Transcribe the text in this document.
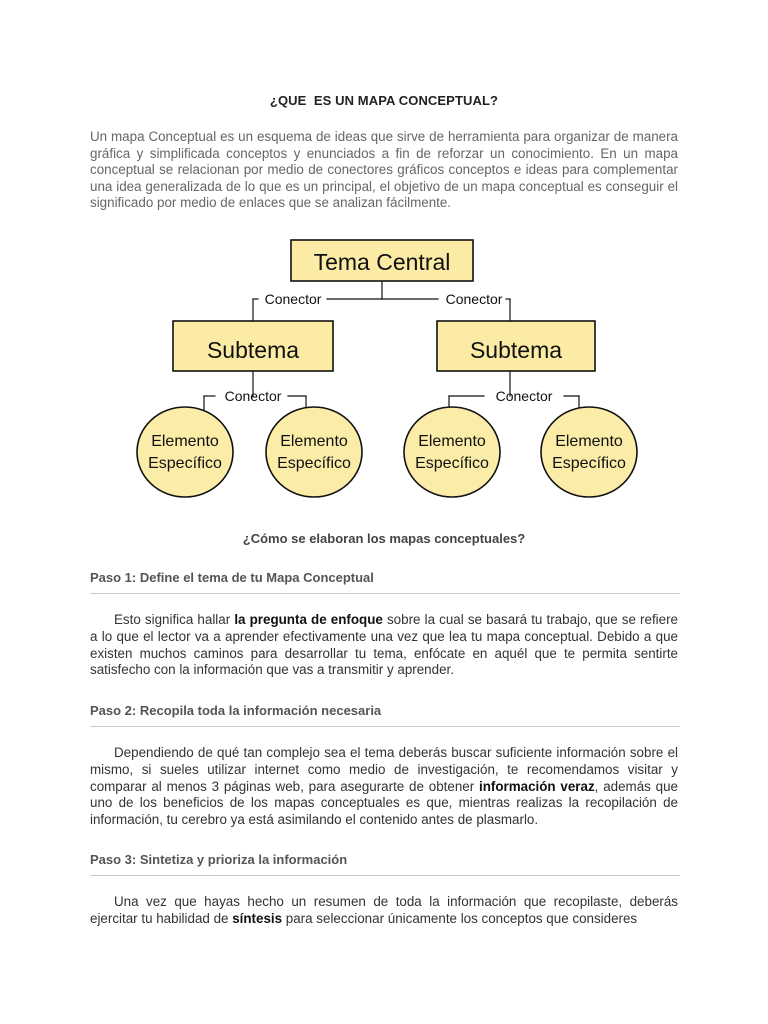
¿QUE  ES UN MAPA CONCEPTUAL?

Un mapa Conceptual es un esquema de ideas que sirve de herramienta para organizar de manera gráfica y simplificada conceptos y enunciados a fin de reforzar un conocimiento. En un mapa conceptual se relacionan por medio de conectores gráficos conceptos e ideas para complementar una idea generalizada de lo que es un principal, el objetivo de un mapa conceptual es conseguir el significado por medio de enlaces que se analizan fácilmente.

Tema Central
Conector	Conector
Subtema	Subtema
Conector	Conector
Elemento
Específico
Elemento
Específico
Elemento
Específico
Elemento
Específico
¿Cómo se elaboran los mapas conceptuales?
Paso 1: Define el tema de tu Mapa Conceptual

Esto significa hallar la pregunta de enfoque sobre la cual se basará tu trabajo, que se refiere a lo que el lector va a aprender efectivamente una vez que lea tu mapa conceptual. Debido a que existen muchos caminos para desarrollar tu tema, enfócate en aquél que te permita sentirte satisfecho con la información que vas a transmitir y aprender.

Paso 2: Recopila toda la información necesaria

Dependiendo de qué tan complejo sea el tema deberás buscar suficiente información sobre el mismo, si sueles utilizar internet como medio de investigación, te recomendamos visitar y comparar al menos 3 páginas web, para asegurarte de obtener información veraz, además que uno de los beneficios de los mapas conceptuales es que, mientras realizas la recopilación de información, tu cerebro ya está asimilando el contenido antes de plasmarlo.

Paso 3: Sintetiza y prioriza la información

Una vez que hayas hecho un resumen de toda la información que recopilaste, deberás ejercitar tu habilidad de síntesis para seleccionar únicamente los conceptos que consideres
